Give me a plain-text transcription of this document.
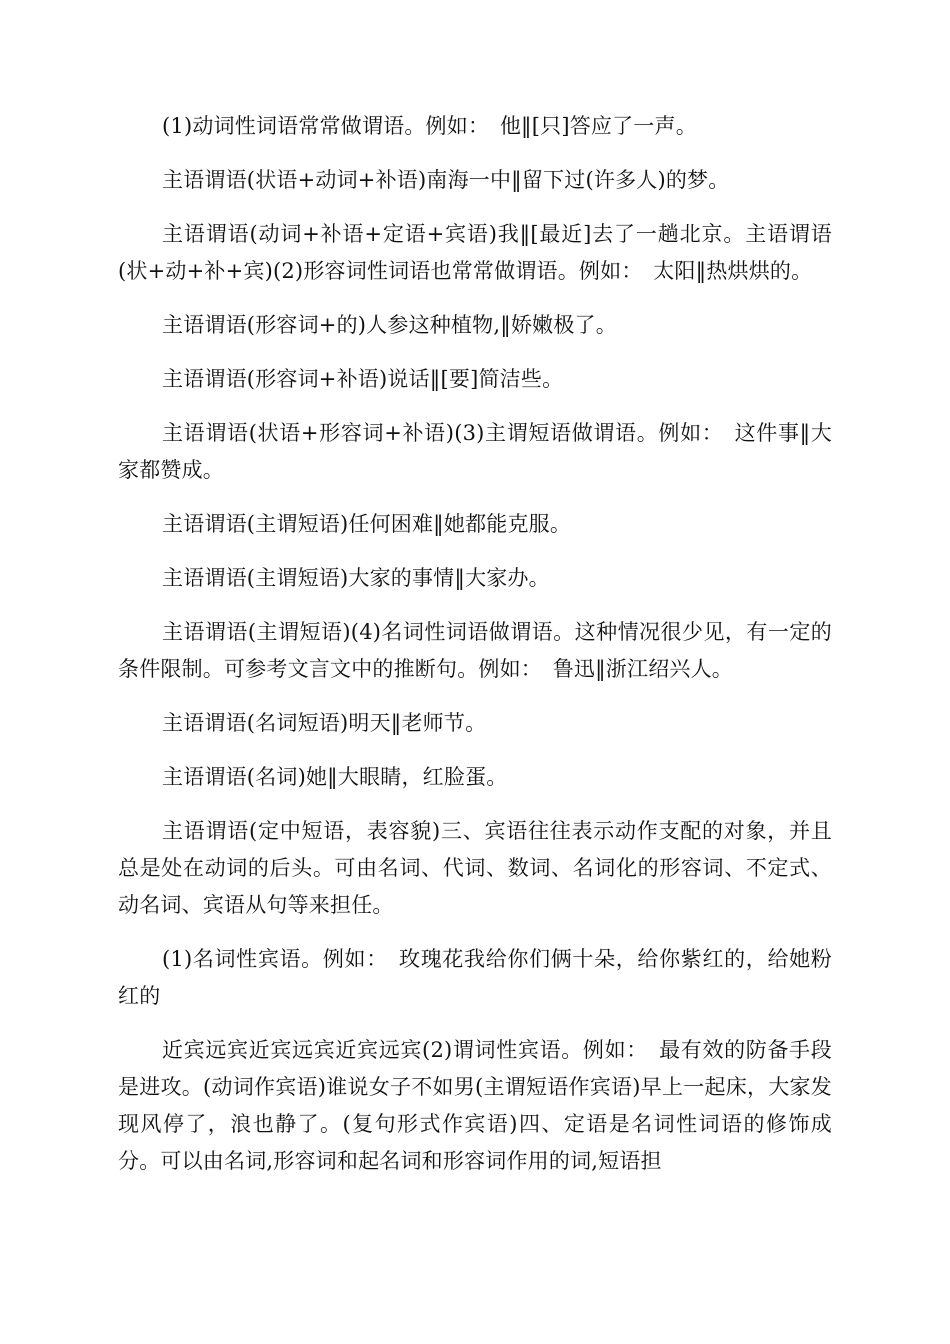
(1)动词性词语常常做谓语。例如：　他‖[只]答应了一声。

主语谓语(状语+动词+补语)南海一中‖留下过(许多人)的梦。

主语谓语(动词+补语+定语+宾语)我‖[最近]去了一趟北京。主语谓语(状+动+补+宾)(2)形容词性词语也常常做谓语。例如：　太阳‖热烘烘的。

主语谓语(形容词+的)人参这种植物,‖娇嫩极了。

主语谓语(形容词+补语)说话‖[要]简洁些。

主语谓语(状语+形容词+补语)(3)主谓短语做谓语。例如：　这件事‖大家都赞成。

主语谓语(主谓短语)任何困难‖她都能克服。

主语谓语(主谓短语)大家的事情‖大家办。

主语谓语(主谓短语)(4)名词性词语做谓语。这种情况很少见，有一定的条件限制。可参考文言文中的推断句。例如：　鲁迅‖浙江绍兴人。

主语谓语(名词短语)明天‖老师节。

主语谓语(名词)她‖大眼睛，红脸蛋。

主语谓语(定中短语，表容貌)三、宾语往往表示动作支配的对象，并且总是处在动词的后头。可由名词、代词、数词、名词化的形容词、不定式、动名词、宾语从句等来担任。

(1)名词性宾语。例如：　玫瑰花我给你们俩十朵，给你紫红的，给她粉红的

近宾远宾近宾远宾近宾远宾(2)谓词性宾语。例如：　最有效的防备手段是进攻。(动词作宾语)谁说女子不如男(主谓短语作宾语)早上一起床，大家发现风停了，浪也静了。(复句形式作宾语)四、定语是名词性词语的修饰成分。可以由名词,形容词和起名词和形容词作用的词,短语担
